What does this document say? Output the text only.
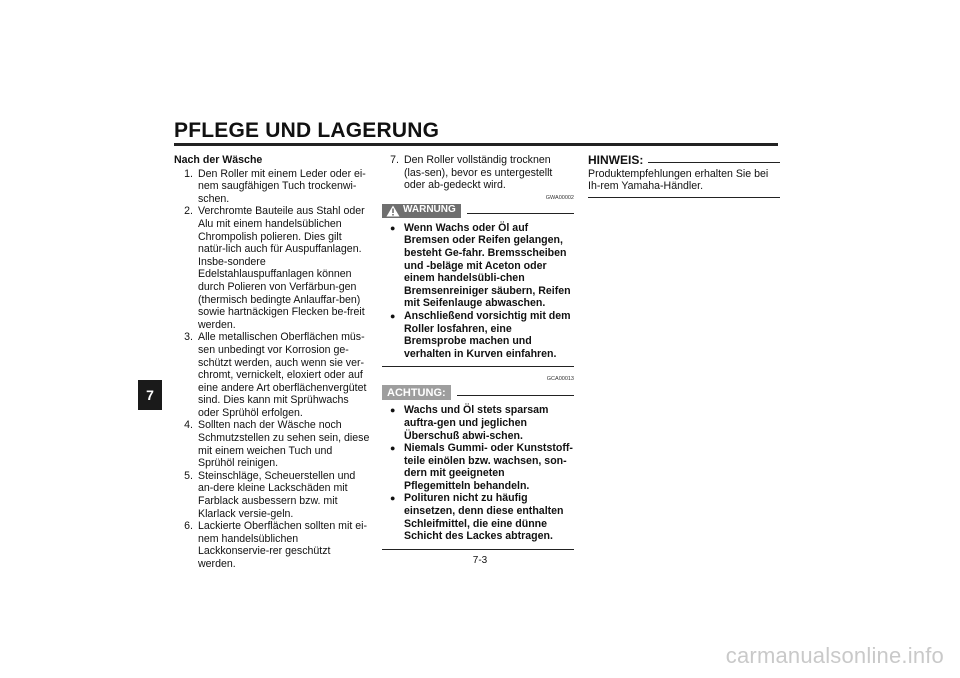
PFLEGE UND LAGERUNG
7
Nach der Wäsche
1. Den Roller mit einem Leder oder ei-nem saugfähigen Tuch trockenwi-schen.
2. Verchromte Bauteile aus Stahl oder Alu mit einem handelsüblichen Chrompolish polieren. Dies gilt natür-lich auch für Auspuffanlagen. Insbe-sondere Edelstahlauspuffanlagen können durch Polieren von Verfärbun-gen (thermisch bedingte Anlauffar-ben) sowie hartnäckigen Flecken be-freit werden.
3. Alle metallischen Oberflächen müs-sen unbedingt vor Korrosion ge-schützt werden, auch wenn sie ver-chromt, vernickelt, eloxiert oder auf eine andere Art oberflächenvergütet sind. Dies kann mit Sprühwachs oder Sprühöl erfolgen.
4. Sollten nach der Wäsche noch Schmutzstellen zu sehen sein, diese mit einem weichen Tuch und Sprühöl reinigen.
5. Steinschläge, Scheuerstellen und an-dere kleine Lackschäden mit Farblack ausbessern bzw. mit Klarlack versie-geln.
6. Lackierte Oberflächen sollten mit ei-nem handelsüblichen Lackkonservie-rer geschützt werden.
7. Den Roller vollständig trocknen (las-sen), bevor es untergestellt oder ab-gedeckt wird.
GWA00002
WARNUNG
● Wenn Wachs oder Öl auf Bremsen oder Reifen gelangen, besteht Ge-fahr. Bremsscheiben und -beläge mit Aceton oder einem handelsübli-chen Bremsenreiniger säubern, Reifen mit Seifenlauge abwaschen.
● Anschließend vorsichtig mit dem Roller losfahren, eine Bremsprobe machen und verhalten in Kurven einfahren.
GCA00013
ACHTUNG:
● Wachs und Öl stets sparsam auftra-gen und jeglichen Überschuß abwi-schen.
● Niemals Gummi- oder Kunststoff-teile einölen bzw. wachsen, son-dern mit geeigneten Pflegemitteln behandeln.
● Polituren nicht zu häufig einsetzen, denn diese enthalten Schleifmittel, die eine dünne Schicht des Lackes abtragen.
HINWEIS:
Produktempfehlungen erhalten Sie bei Ih-rem Yamaha-Händler.
7-3
carmanualsonline.info
